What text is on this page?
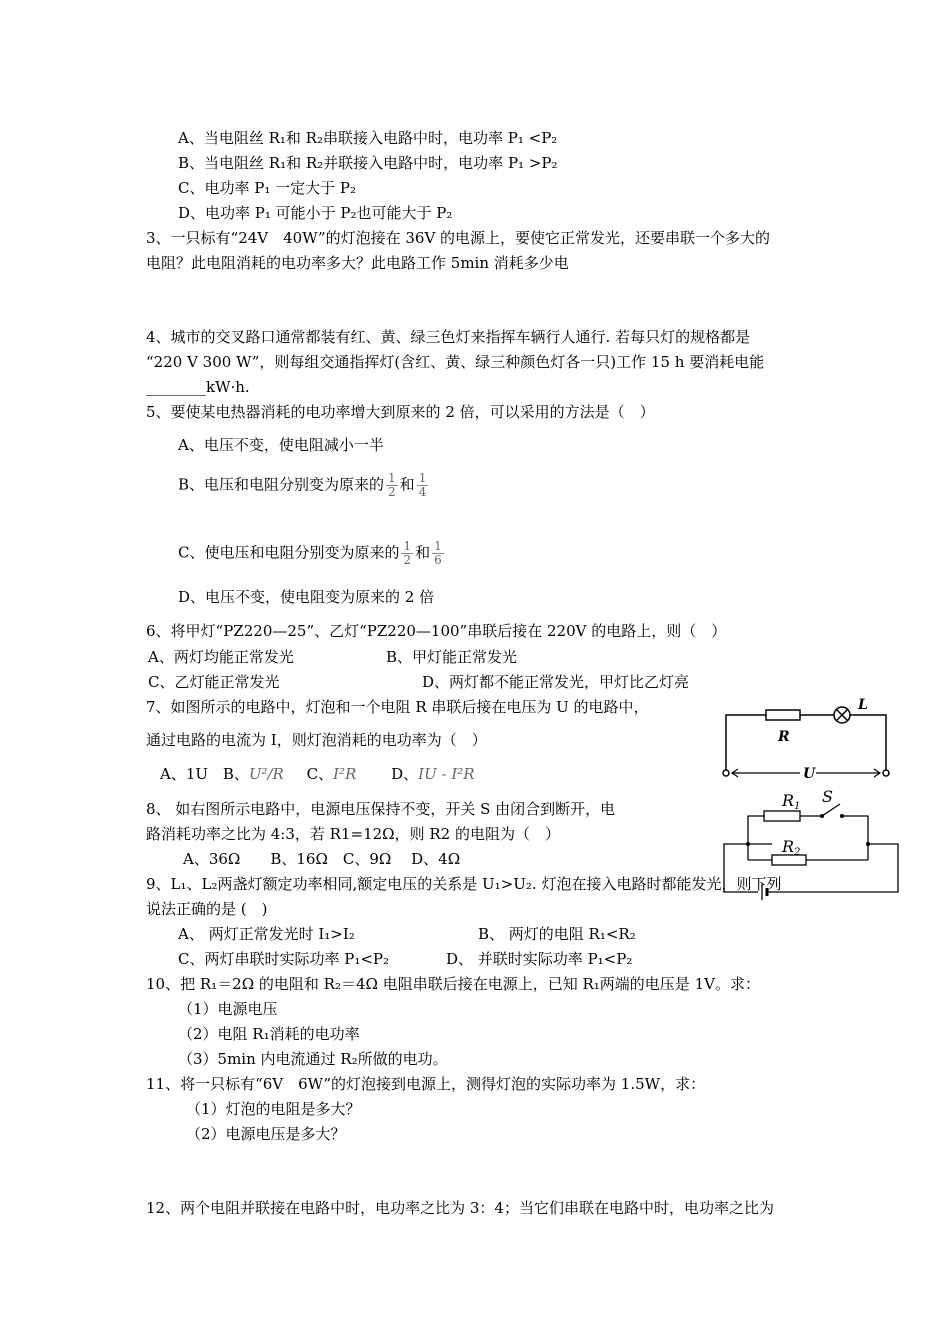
A、当电阻丝 R₁和 R₂串联接入电路中时，电功率 P₁ <P₂
B、当电阻丝 R₁和 R₂并联接入电路中时，电功率 P₁ >P₂
C、电功率 P₁ 一定大于 P₂
D、电功率 P₁ 可能小于 P₂也可能大于 P₂
3、一只标有“24V　40W”的灯泡接在 36V 的电源上，要使它正常发光，还要串联一个多大的
电阻？此电阻消耗的电功率多大？此电路工作 5min 消耗多少电
4、城市的交叉路口通常都装有红、黄、绿三色灯来指挥车辆行人通行. 若每只灯的规格都是
“220 V 300 W”，则每组交通指挥灯(含红、黄、绿三种颜色灯各一只)工作 15 h 要消耗电能
________kW·h.
5、要使某电热器消耗的电功率增大到原来的 2 倍，可以采用的方法是（　）
A、电压不变，使电阻减小一半
B、电压和电阻分别变为原来的 $\frac{1}{2}$ 和 $\frac{1}{4}$
C、使电压和电阻分别变为原来的 $\frac{1}{2}$ 和 $\frac{1}{6}$
D、电压不变，使电阻变为原来的 2 倍
6、将甲灯“PZ220—25”、乙灯“PZ220—100”串联后接在 220V 的电路上，则（　）
A、两灯均能正常发光	B、甲灯能正常发光
C、乙灯能正常发光	D、两灯都不能正常发光，甲灯比乙灯亮
7、如图所示的电路中，灯泡和一个电阻 R 串联后接在电压为 U 的电路中，
通过电路的电流为 I，则灯泡消耗的电功率为（　）
A、1U B、U²/R C、I²R D、IU - I²R
R
L
U
8、 如右图所示电路中，电源电压保持不变，开关 S 由闭合到断开，电
路消耗功率之比为 4:3，若 R1=12Ω，则 R2 的电阻为（　）
A、36Ω　　B、16Ω　C、9Ω　 D、4Ω
R1
S
R2
9、L₁、L₂两盏灯额定功率相同,额定电压的关系是 U₁>U₂. 灯泡在接入电路时都能发光，则下列
说法正确的是 (　)
A、 两灯正常发光时 I₁>I₂	B、 两灯的电阻 R₁<R₂
C、两灯串联时实际功率 P₁<P₂	D、 并联时实际功率 P₁<P₂
10、把 R₁＝2Ω 的电阻和 R₂＝4Ω 电阻串联后接在电源上，已知 R₁两端的电压是 1V。求：
（1）电源电压
（2）电阻 R₁消耗的电功率
（3）5min 内电流通过 R₂所做的电功。
11、将一只标有“6V　6W”的灯泡接到电源上，测得灯泡的实际功率为 1.5W，求：
（1）灯泡的电阻是多大？
（2）电源电压是多大？
12、两个电阻并联接在电路中时，电功率之比为 3：4；当它们串联在电路中时，电功率之比为
